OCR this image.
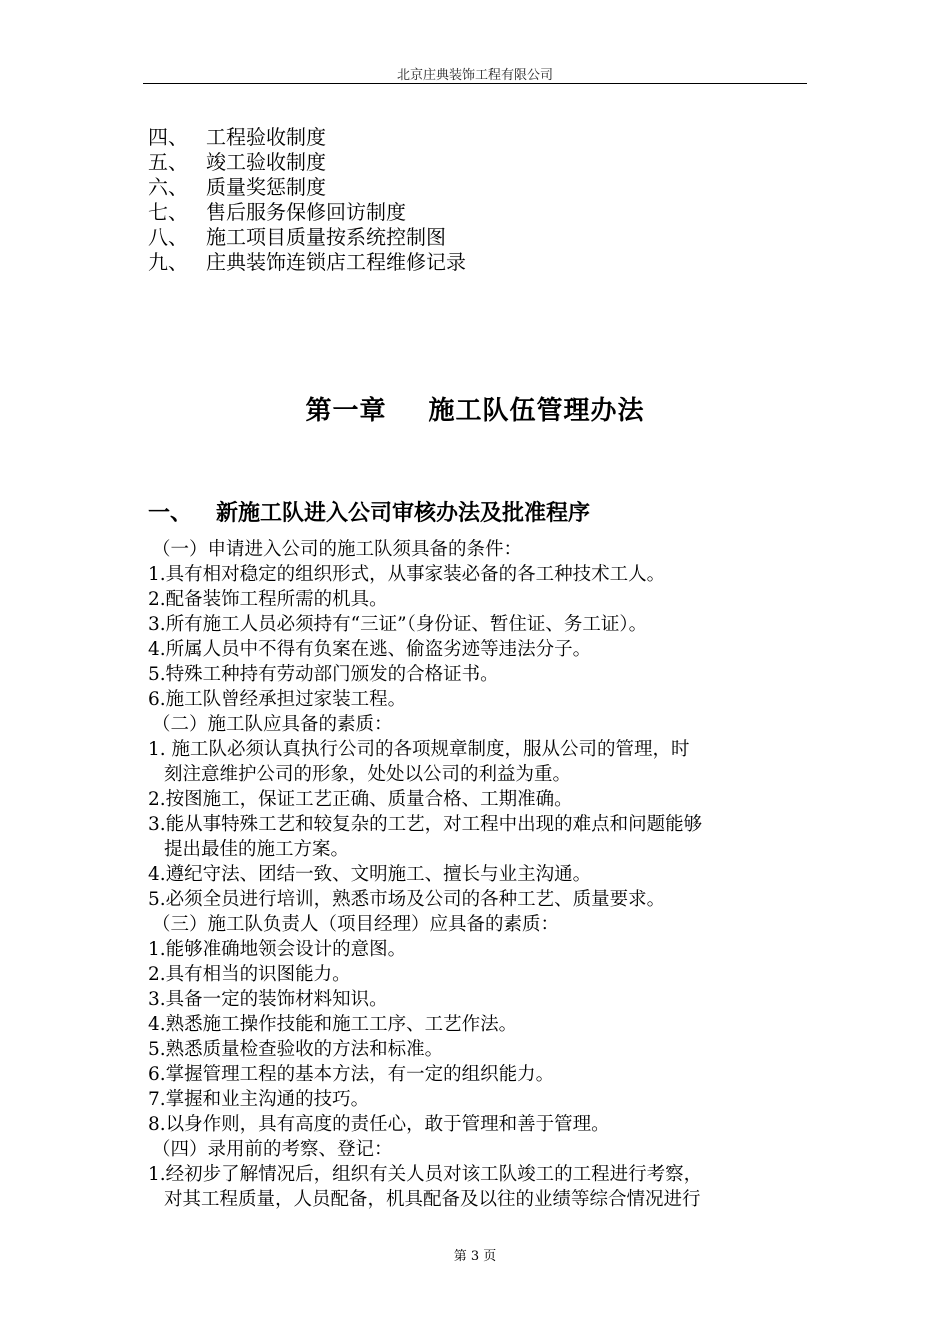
北京庄典装饰工程有限公司
四、 工程验收制度
五、 竣工验收制度
六、 质量奖惩制度
七、 售后服务保修回访制度
八、 施工项目质量按系统控制图
九、 庄典装饰连锁店工程维修记录
第一章 施工队伍管理办法
一、 新施工队进入公司审核办法及批准程序
（一）申请进入公司的施工队须具备的条件：
1.具有相对稳定的组织形式，从事家装必备的各工种技术工人。
2.配备装饰工程所需的机具。
3.所有施工人员必须持有“三证”（身份证、暂住证、务工证）。
4.所属人员中不得有负案在逃、偷盗劣迹等违法分子。
5.特殊工种持有劳动部门颁发的合格证书。
6.施工队曾经承担过家装工程。
（二）施工队应具备的素质：
1. 施工队必须认真执行公司的各项规章制度，服从公司的管理，时
刻注意维护公司的形象，处处以公司的利益为重。
2.按图施工，保证工艺正确、质量合格、工期准确。
3.能从事特殊工艺和较复杂的工艺，对工程中出现的难点和问题能够
提出最佳的施工方案。
4.遵纪守法、团结一致、文明施工、擅长与业主沟通。
5.必须全员进行培训，熟悉市场及公司的各种工艺、质量要求。
（三）施工队负责人（项目经理）应具备的素质：
1.能够准确地领会设计的意图。
2.具有相当的识图能力。
3.具备一定的装饰材料知识。
4.熟悉施工操作技能和施工工序、工艺作法。
5.熟悉质量检查验收的方法和标准。
6.掌握管理工程的基本方法，有一定的组织能力。
7.掌握和业主沟通的技巧。
8.以身作则，具有高度的责任心，敢于管理和善于管理。
（四）录用前的考察、登记：
1.经初步了解情况后，组织有关人员对该工队竣工的工程进行考察，
对其工程质量，人员配备，机具配备及以往的业绩等综合情况进行
第 3 页
